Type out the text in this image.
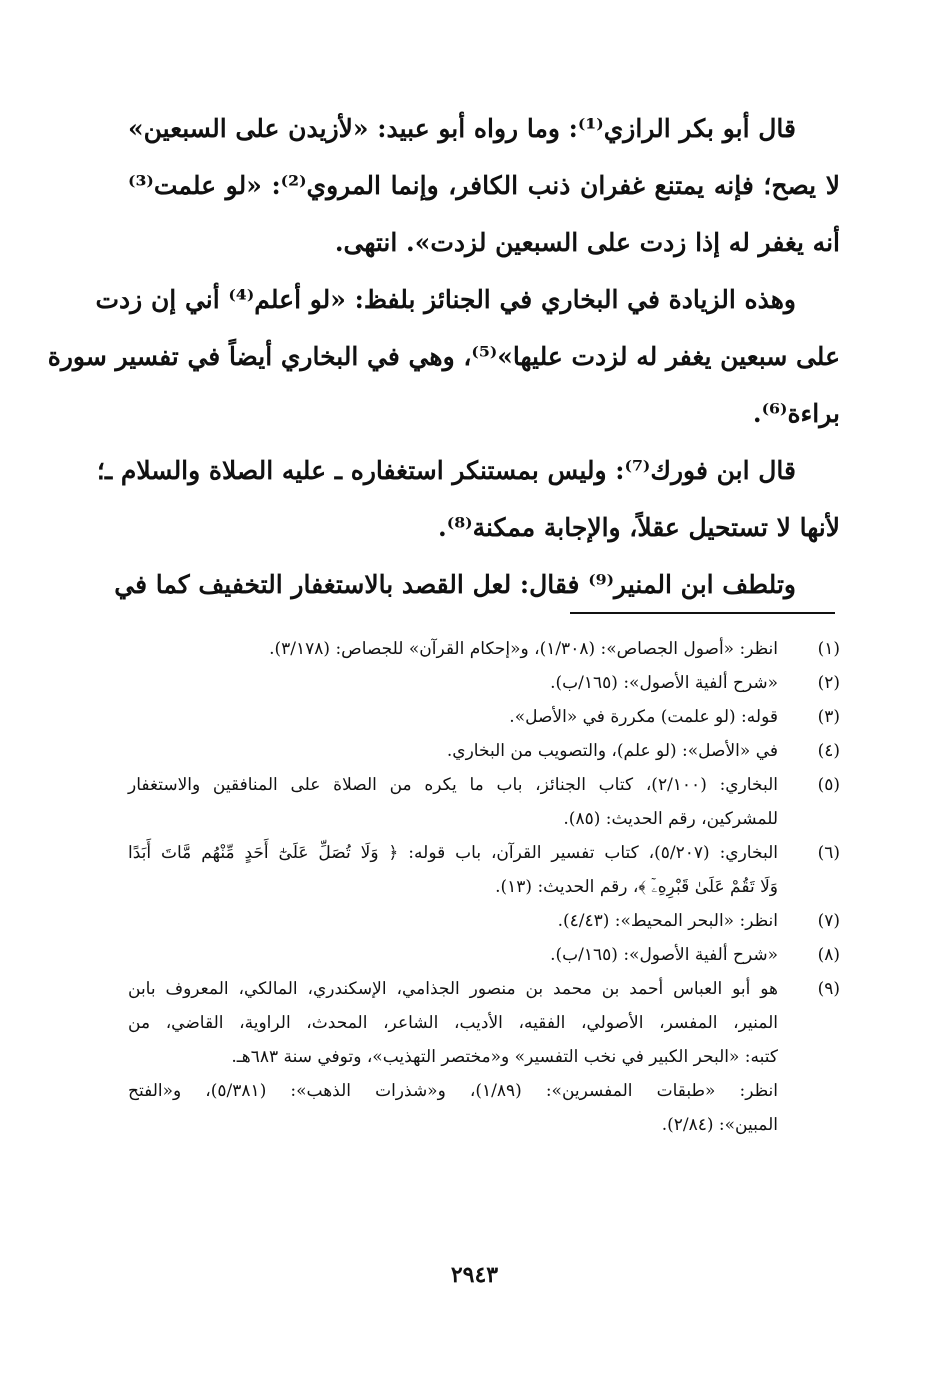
قال أبو بكر الرازي⁽¹⁾: وما رواه أبو عبيد: «لأزيدن على السبعين»
لا يصح؛ فإنه يمتنع غفران ذنب الكافر، وإنما المروي⁽²⁾: «لو علمت⁽³⁾
أنه يغفر له إذا زدت على السبعين لزدت». انتهى.
وهذه الزيادة في البخاري في الجنائز بلفظ: «لو أعلم⁽⁴⁾ أني إن زدت
على سبعين يغفر له لزدت عليها»⁽⁵⁾، وهي في البخاري أيضاً في تفسير سورة
براءة⁽⁶⁾.
قال ابن فورك⁽⁷⁾: وليس بمستنكر استغفاره ـ عليه الصلاة والسلام ـ؛
لأنها لا تستحيل عقلاً، والإجابة ممكنة⁽⁸⁾.
وتلطف ابن المنير⁽⁹⁾ فقال: لعل القصد بالاستغفار التخفيف كما في
(١)
انظر: «أصول الجصاص»: (١/٣٠٨)، و«إحكام القرآن» للجصاص: (٣/١٧٨).
(٢)
«شرح ألفية الأصول»: (١٦٥/ب).
(٣)
قوله: (لو علمت) مكررة في «الأصل».
(٤)
في «الأصل»: (لو علم)، والتصويب من البخاري.
(٥)
البخاري: (٢/١٠٠)، كتاب الجنائز، باب ما يكره من الصلاة على المنافقين والاستغفار
للمشركين، رقم الحديث: (٨٥).
(٦)
البخاري: (٥/٢٠٧)، كتاب تفسير القرآن، باب قوله: ﴿ وَلَا تُصَلِّ عَلَىٰٓ أَحَدٍ مِّنْهُم مَّاتَ أَبَدًا
وَلَا تَقُمْ عَلَىٰ قَبْرِهِۦٓ ﴾، رقم الحديث: (١٣).
(٧)
انظر: «البحر المحيط»: (٤/٤٣).
(٨)
«شرح ألفية الأصول»: (١٦٥/ب).
(٩)
هو أبو العباس أحمد بن محمد بن منصور الجذامي، الإسكندري، المالكي، المعروف بابن
المنير، المفسر، الأصولي، الفقيه، الأديب، الشاعر، المحدث، الراوية، القاضي، من
كتبه: «البحر الكبير في نخب التفسير» و«مختصر التهذيب»، وتوفي سنة ٦٨٣هـ.
انظر: «طبقات المفسرين»: (١/٨٩)، و«شذرات الذهب»: (٥/٣٨١)، و«الفتح
المبين»: (٢/٨٤).
٢٩٤٣
